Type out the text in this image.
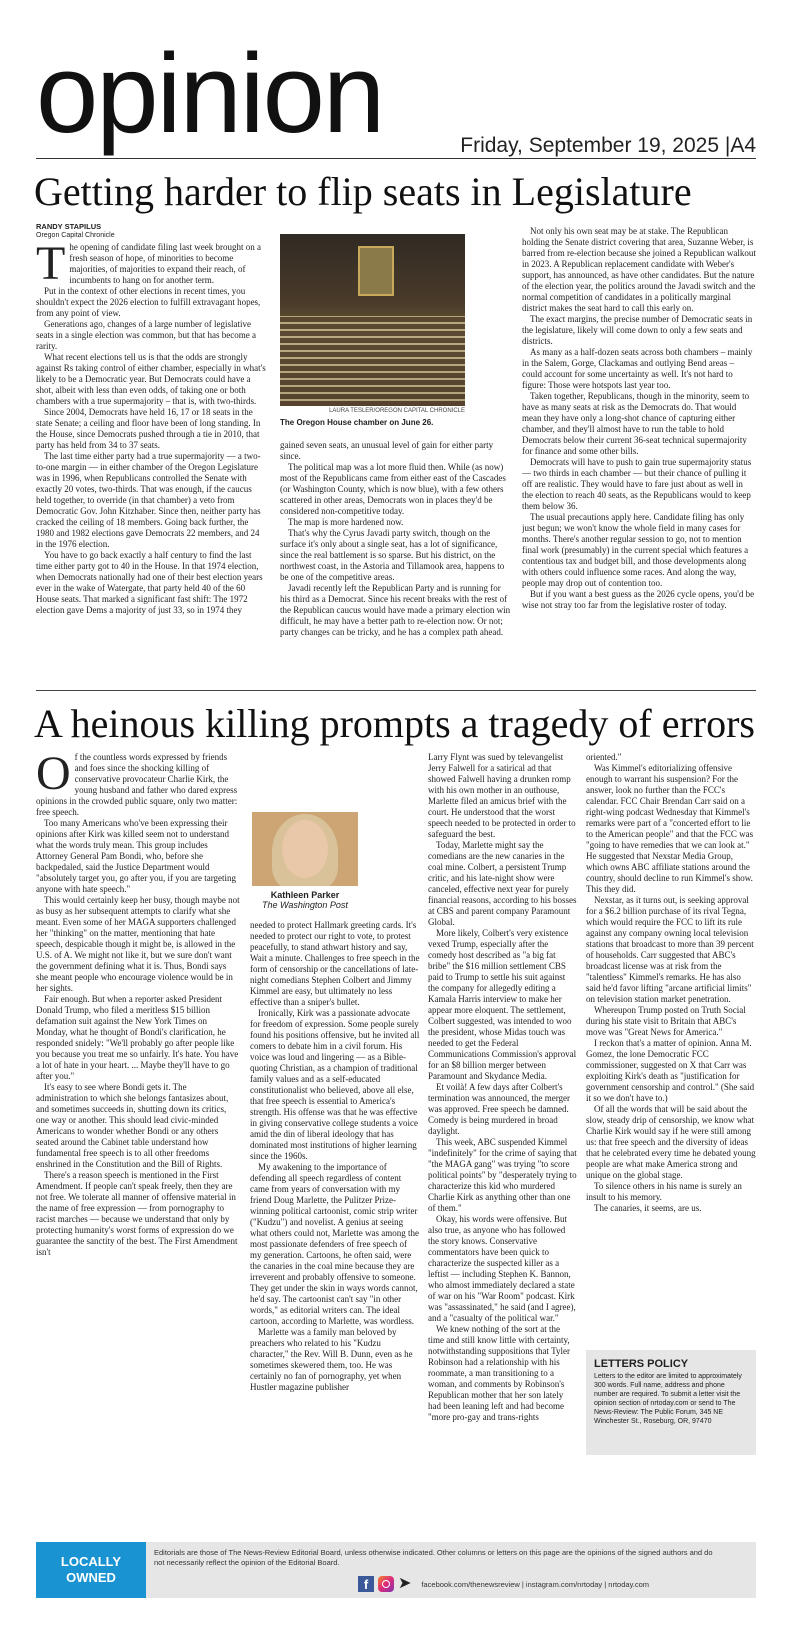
opinion	Friday, September 19, 2025 |A4
Getting harder to flip seats in Legislature
RANDY STAPILUS
Oregon Capital Chronicle
T he opening of candidate filing last week brought on a fresh season of hope, of minorities to become majorities, of majorities to expand their reach, of incumbents to hang on for another term.

Put in the context of other elections in recent times, you shouldn't expect the 2026 election to fulfill extravagant hopes, from any point of view.

Generations ago, changes of a large number of legislative seats in a single election was common, but that has become a rarity.

What recent elections tell us is that the odds are strongly against Rs taking control of either chamber, especially in what's likely to be a Democratic year. But Democrats could have a shot, albeit with less than even odds, of taking one or both chambers with a true supermajority – that is, with two-thirds.

Since 2004, Democrats have held 16, 17 or 18 seats in the state Senate; a ceiling and floor have been of long standing. In the House, since Democrats pushed through a tie in 2010, that party has held from 34 to 37 seats.

The last time either party had a true supermajority — a two-to-one margin — in either chamber of the Oregon Legislature was in 1996, when Republicans controlled the Senate with exactly 20 votes, two-thirds. That was enough, if the caucus held together, to override (in that chamber) a veto from Democratic Gov. John Kitzhaber. Since then, neither party has cracked the ceiling of 18 members. Going back further, the 1980 and 1982 elections gave Democrats 22 members, and 24 in the 1976 election.

You have to go back exactly a half century to find the last time either party got to 40 in the House. In that 1974 election, when Democrats nationally had one of their best election years ever in the wake of Watergate, that party held 40 of the 60 House seats. That marked a significant fast shift: The 1972 election gave Dems a majority of just 33, so in 1974 they

LAURA TESLER/OREGON CAPITAL CHRONICLE
The Oregon House chamber on June 26.

gained seven seats, an unusual level of gain for either party since.

The political map was a lot more fluid then. While (as now) most of the Republicans came from either east of the Cascades (or Washington County, which is now blue), with a few others scattered in other areas, Democrats won in places they'd be considered non-competitive today.

The map is more hardened now.

That's why the Cyrus Javadi party switch, though on the surface it's only about a single seat, has a lot of significance, since the real battlement is so sparse. But his district, on the northwest coast, in the Astoria and Tillamook area, happens to be one of the competitive areas.

Javadi recently left the Republican Party and is running for his third as a Democrat. Since his recent breaks with the rest of the Republican caucus would have made a primary election win difficult, he may have a better path to re-election now. Or not; party changes can be tricky, and he has a complex path ahead.

Not only his own seat may be at stake. The Republican holding the Senate district covering that area, Suzanne Weber, is barred from re-election because she joined a Republican walkout in 2023. A Republican replacement candidate with Weber's support, has announced, as have other candidates. But the nature of the election year, the politics around the Javadi switch and the normal competition of candidates in a politically marginal district makes the seat hard to call this early on.

The exact margins, the precise number of Democratic seats in the legislature, likely will come down to only a few seats and districts.

As many as a half-dozen seats across both chambers – mainly in the Salem, Gorge, Clackamas and outlying Bend areas – could account for some uncertainty as well. It's not hard to figure: Those were hotspots last year too.

Taken together, Republicans, though in the minority, seem to have as many seats at risk as the Democrats do. That would mean they have only a long-shot chance of capturing either chamber, and they'll almost have to run the table to hold Democrats below their current 36-seat technical supermajority for finance and some other bills.

Democrats will have to push to gain true supermajority status — two thirds in each chamber — but their chance of pulling it off are realistic. They would have to fare just about as well in the election to reach 40 seats, as the Republicans would to keep them below 36.

The usual precautions apply here. Candidate filing has only just begun; we won't know the whole field in many cases for months. There's another regular session to go, not to mention final work (presumably) in the current special which features a contentious tax and budget bill, and those developments along with others could influence some races. And along the way, people may drop out of contention too.

But if you want a best guess as the 2026 cycle opens, you'd be wise not stray too far from the legislative roster of today.

A heinous killing prompts a tragedy of errors
O f the countless words expressed by friends and foes since the shocking killing of conservative provocateur Charlie Kirk, the young husband and father who dared express opinions in the crowded public square, only two matter: free speech.

Too many Americans who've been expressing their opinions after Kirk was killed seem not to understand what the words truly mean. This group includes Attorney General Pam Bondi, who, before she backpedaled, said the Justice Department would "absolutely target you, go after you, if you are targeting anyone with hate speech."

This would certainly keep her busy, though maybe not as busy as her subsequent attempts to clarify what she meant. Even some of her MAGA supporters challenged her "thinking" on the matter, mentioning that hate speech, despicable though it might be, is allowed in the U.S. of A. We might not like it, but we sure don't want the government defining what it is. Thus, Bondi says she meant people who encourage violence would be in her sights.

Fair enough. But when a reporter asked President Donald Trump, who filed a meritless $15 billion defamation suit against the New York Times on Monday, what he thought of Bondi's clarification, he responded snidely: "We'll probably go after people like you because you treat me so unfairly. It's hate. You have a lot of hate in your heart. ... Maybe they'll have to go after you."

It's easy to see where Bondi gets it. The administration to which she belongs fantasizes about, and sometimes succeeds in, shutting down its critics, one way or another. This should lead civic-minded Americans to wonder whether Bondi or any others seated around the Cabinet table understand how fundamental free speech is to all other freedoms enshrined in the Constitution and the Bill of Rights.

There's a reason speech is mentioned in the First Amendment. If people can't speak freely, then they are not free. We tolerate all manner of offensive material in the name of free expression — from pornography to racist marches — because we understand that only by protecting humanity's worst forms of expression do we guarantee the sanctity of the best. The First Amendment isn't

Kathleen Parker
The Washington Post

needed to protect Hallmark greeting cards. It's needed to protect our right to vote, to protest peacefully, to stand athwart history and say, Wait a minute. Challenges to free speech in the form of censorship or the cancellations of late-night comedians Stephen Colbert and Jimmy Kimmel are easy, but ultimately no less effective than a sniper's bullet.

Ironically, Kirk was a passionate advocate for freedom of expression. Some people surely found his positions offensive, but he invited all comers to debate him in a civil forum. His voice was loud and lingering — as a Bible-quoting Christian, as a champion of traditional family values and as a self-educated constitutionalist who believed, above all else, that free speech is essential to America's strength. His offense was that he was effective in giving conservative college students a voice amid the din of liberal ideology that has dominated most institutions of higher learning since the 1960s.

My awakening to the importance of defending all speech regardless of content came from years of conversation with my friend Doug Marlette, the Pulitzer Prize-winning political cartoonist, comic strip writer ("Kudzu") and novelist. A genius at seeing what others could not, Marlette was among the most passionate defenders of free speech of my generation. Cartoons, he often said, were the canaries in the coal mine because they are irreverent and probably offensive to someone. They get under the skin in ways words cannot, he'd say. The cartoonist can't say "in other words," as editorial writers can. The ideal cartoon, according to Marlette, was wordless.

Marlette was a family man beloved by preachers who related to his "Kudzu character," the Rev. Will B. Dunn, even as he sometimes skewered them, too. He was certainly no fan of pornography, yet when Hustler magazine publisher

Larry Flynt was sued by televangelist Jerry Falwell for a satirical ad that showed Falwell having a drunken romp with his own mother in an outhouse, Marlette filed an amicus brief with the court. He understood that the worst speech needed to be protected in order to safeguard the best.

Today, Marlette might say the comedians are the new canaries in the coal mine. Colbert, a persistent Trump critic, and his late-night show were canceled, effective next year for purely financial reasons, according to his bosses at CBS and parent company Paramount Global.

More likely, Colbert's very existence vexed Trump, especially after the comedy host described as "a big fat bribe" the $16 million settlement CBS paid to Trump to settle his suit against the company for allegedly editing a Kamala Harris interview to make her appear more eloquent. The settlement, Colbert suggested, was intended to woo the president, whose Midas touch was needed to get the Federal Communications Commission's approval for an $8 billion merger between Paramount and Skydance Media.

Et voilà! A few days after Colbert's termination was announced, the merger was approved. Free speech be damned. Comedy is being murdered in broad daylight.

This week, ABC suspended Kimmel "indefinitely" for the crime of saying that "the MAGA gang" was trying "to score political points" by "desperately trying to characterize this kid who murdered Charlie Kirk as anything other than one of them."

Okay, his words were offensive. But also true, as anyone who has followed the story knows. Conservative commentators have been quick to characterize the suspected killer as a leftist — including Stephen K. Bannon, who almost immediately declared a state of war on his "War Room" podcast. Kirk was "assassinated," he said (and I agree), and a "casualty of the political war."

We knew nothing of the sort at the time and still know little with certainty, notwithstanding suppositions that Tyler Robinson had a relationship with his roommate, a man transitioning to a woman, and comments by Robinson's Republican mother that her son lately had been leaning left and had become "more pro-gay and trans-rights

oriented."

Was Kimmel's editorializing offensive enough to warrant his suspension? For the answer, look no further than the FCC's calendar. FCC Chair Brendan Carr said on a right-wing podcast Wednesday that Kimmel's remarks were part of a "concerted effort to lie to the American people" and that the FCC was "going to have remedies that we can look at." He suggested that Nexstar Media Group, which owns ABC affiliate stations around the country, should decline to run Kimmel's show. This they did.

Nexstar, as it turns out, is seeking approval for a $6.2 billion purchase of its rival Tegna, which would require the FCC to lift its rule against any company owning local television stations that broadcast to more than 39 percent of households. Carr suggested that ABC's broadcast license was at risk from the "talentless" Kimmel's remarks. He has also said he'd favor lifting "arcane artificial limits" on television station market penetration.

Whereupon Trump posted on Truth Social during his state visit to Britain that ABC's move was "Great News for America."

I reckon that's a matter of opinion. Anna M. Gomez, the lone Democratic FCC commissioner, suggested on X that Carr was exploiting Kirk's death as "justification for government censorship and control." (She said it so we don't have to.)

Of all the words that will be said about the slow, steady drip of censorship, we know what Charlie Kirk would say if he were still among us: that free speech and the diversity of ideas that he celebrated every time he debated young people are what make America strong and unique on the global stage.

To silence others in his name is surely an insult to his memory.

The canaries, it seems, are us.

LETTERS POLICY
Letters to the editor are limited to approximately 300 words. Full name, address and phone number are required. To submit a letter visit the opinion section of nrtoday.com or send to The News-Review: The Public Forum, 345 NE Winchester St., Roseburg, OR, 97470
LOCALLY
OWNED
Editorials are those of The News-Review Editorial Board, unless otherwise indicated. Other columns or letters on this page are the opinions of the signed authors and do not necessarily reflect the opinion of the Editorial Board.
f	➤ facebook.com/thenewsreview | instagram.com/nrtoday | nrtoday.com
